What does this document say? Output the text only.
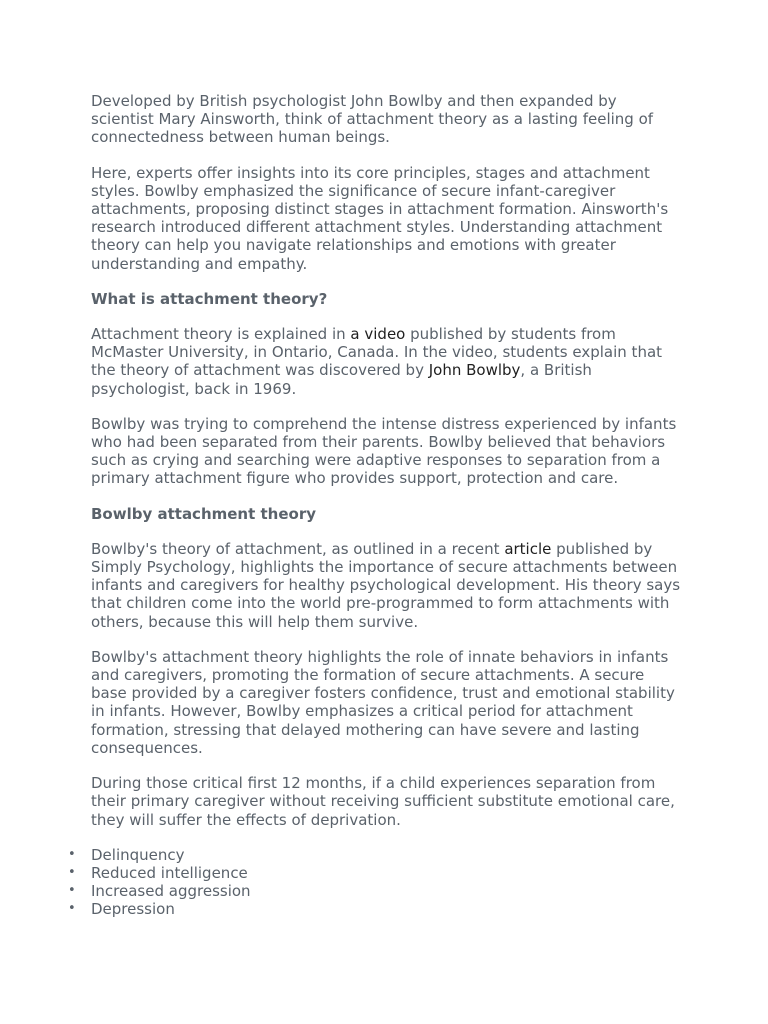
Developed by British psychologist John Bowlby and then expanded by scientist Mary Ainsworth, think of attachment theory as a lasting feeling of connectedness between human beings.

Here, experts offer insights into its core principles, stages and attachment styles. Bowlby emphasized the significance of secure infant-caregiver attachments, proposing distinct stages in attachment formation. Ainsworth's research introduced different attachment styles. Understanding attachment theory can help you navigate relationships and emotions with greater understanding and empathy.

What is attachment theory?

Attachment theory is explained in a video published by students from McMaster University, in Ontario, Canada. In the video, students explain that the theory of attachment was discovered by John Bowlby, a British psychologist, back in 1969.

Bowlby was trying to comprehend the intense distress experienced by infants who had been separated from their parents. Bowlby believed that behaviors such as crying and searching were adaptive responses to separation from a primary attachment figure who provides support, protection and care.

Bowlby attachment theory

Bowlby's theory of attachment, as outlined in a recent article published by Simply Psychology, highlights the importance of secure attachments between infants and caregivers for healthy psychological development. His theory says that children come into the world pre-programmed to form attachments with others, because this will help them survive.

Bowlby's attachment theory highlights the role of innate behaviors in infants and caregivers, promoting the formation of secure attachments. A secure base provided by a caregiver fosters confidence, trust and emotional stability in infants. However, Bowlby emphasizes a critical period for attachment formation, stressing that delayed mothering can have severe and lasting consequences.

During those critical first 12 months, if a child experiences separation from their primary caregiver without receiving sufficient substitute emotional care, they will suffer the effects of deprivation.

• Delinquency
• Reduced intelligence
• Increased aggression
• Depression
